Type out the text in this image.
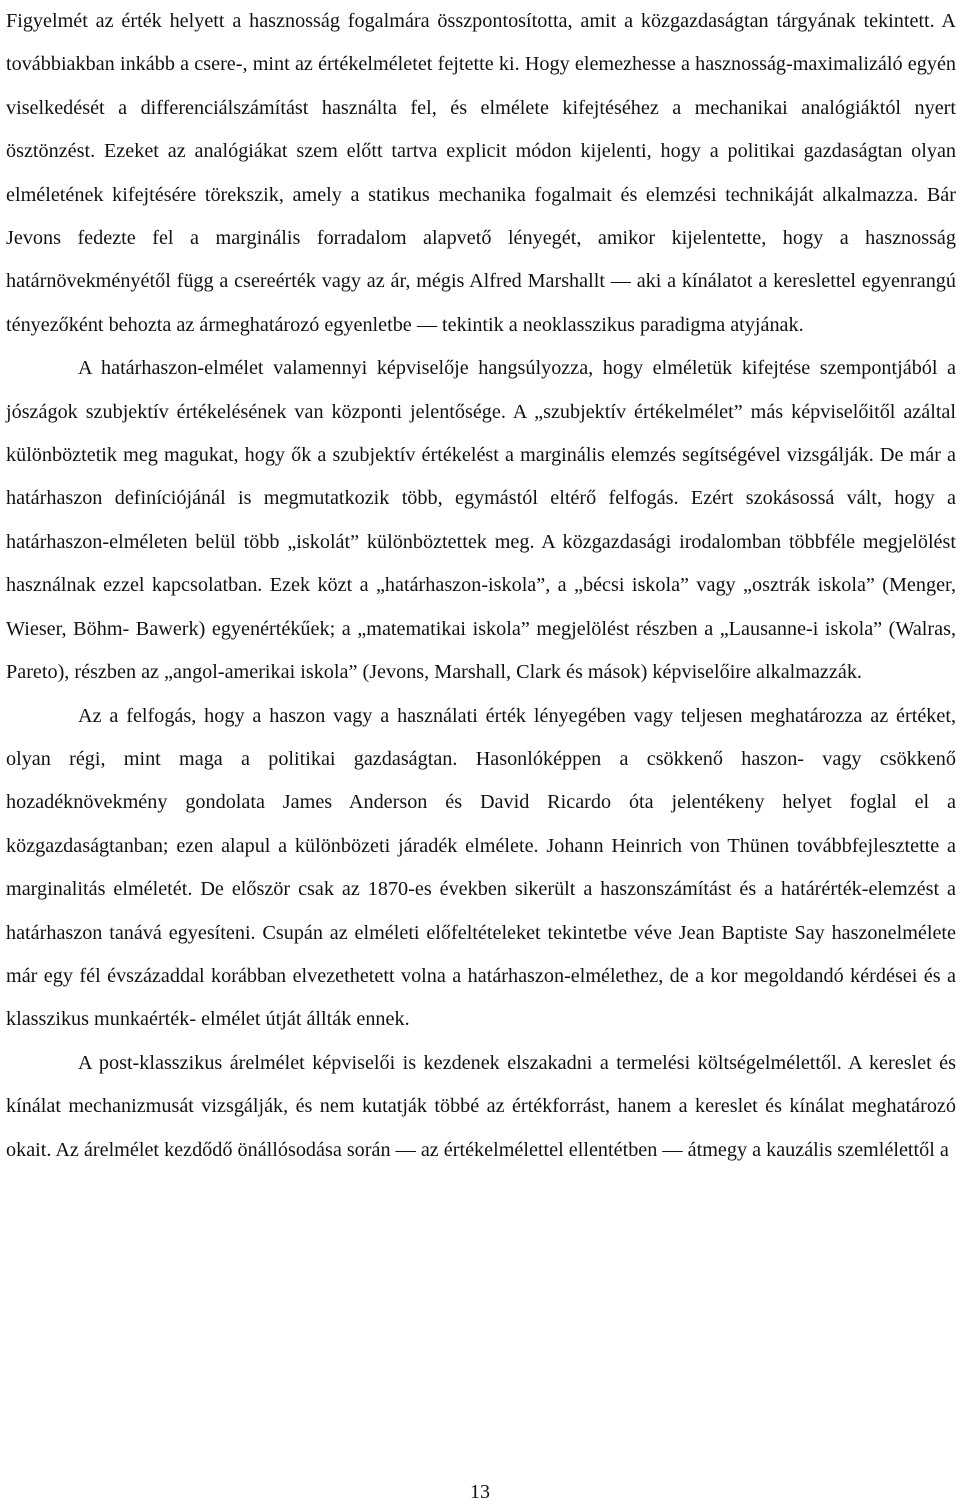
Figyelmét az érték helyett a hasznosság fogalmára összpontosította, amit a közgazdaságtan tárgyának tekintett. A továbbiakban inkább a csere-, mint az értékelméletet fejtette ki. Hogy elemezhesse a hasznosság-maximalizáló egyén viselkedését a differenciálszámítást használta fel, és elmélete kifejtéséhez a mechanikai analógiáktól nyert ösztönzést. Ezeket az analógiákat szem előtt tartva explicit módon kijelenti, hogy a politikai gazdaságtan olyan elméletének kifejtésére törekszik, amely a statikus mechanika fogalmait és elemzési technikáját alkalmazza. Bár Jevons fedezte fel a marginális forradalom alapvető lényegét, amikor kijelentette, hogy a hasznosság határnövekményétől függ a csereérték vagy az ár, mégis Alfred Marshallt — aki a kínálatot a kereslettel egyenrangú tényezőként behozta az ármeghatározó egyenletbe — tekintik a neoklasszikus paradigma atyjának.

A határhaszon-elmélet valamennyi képviselője hangsúlyozza, hogy elméletük kifejtése szempontjából a jószágok szubjektív értékelésének van központi jelentősége. A „szubjektív értékelmélet” más képviselőitől azáltal különböztetik meg magukat, hogy ők a szubjektív értékelést a marginális elemzés segítségével vizsgálják. De már a határhaszon definíciójánál is megmutatkozik több, egymástól eltérő felfogás. Ezért szokásossá vált, hogy a határhaszon-elméleten belül több „iskolát” különböztettek meg. A közgazdasági irodalomban többféle megjelölést használnak ezzel kapcsolatban. Ezek közt a „határhaszon-iskola”, a „bécsi iskola” vagy „osztrák iskola” (Menger, Wieser, Böhm- Bawerk) egyenértékűek; a „matematikai iskola” megjelölést részben a „Lausanne-i iskola” (Walras, Pareto), részben az „angol-amerikai iskola” (Jevons, Marshall, Clark és mások) képviselőire alkalmazzák.

Az a felfogás, hogy a haszon vagy a használati érték lényegében vagy teljesen meghatározza az értéket, olyan régi, mint maga a politikai gazdaságtan. Hasonlóképpen a csökkenő haszon- vagy csökkenő hozadéknövekmény gondolata James Anderson és David Ricardo óta jelentékeny helyet foglal el a közgazdaságtanban; ezen alapul a különbözeti járadék elmélete. Johann Heinrich von Thünen továbbfejlesztette a marginalitás elméletét. De először csak az 1870-es években sikerült a haszonszámítást és a határérték-elemzést a határhaszon tanává egyesíteni. Csupán az elméleti előfeltételeket tekintetbe véve Jean Baptiste Say haszonelmélete már egy fél évszázaddal korábban elvezethetett volna a határhaszon-elmélethez, de a kor megoldandó kérdései és a klasszikus munkaérték- elmélet útját állták ennek.

A post-klasszikus árelmélet képviselői is kezdenek elszakadni a termelési költségelmélettől. A kereslet és kínálat mechanizmusát vizsgálják, és nem kutatják többé az értékforrást, hanem a kereslet és kínálat meghatározó okait. Az árelmélet kezdődő önállósodása során — az értékelmélettel ellentétben — átmegy a kauzális szemlélettől a

13
